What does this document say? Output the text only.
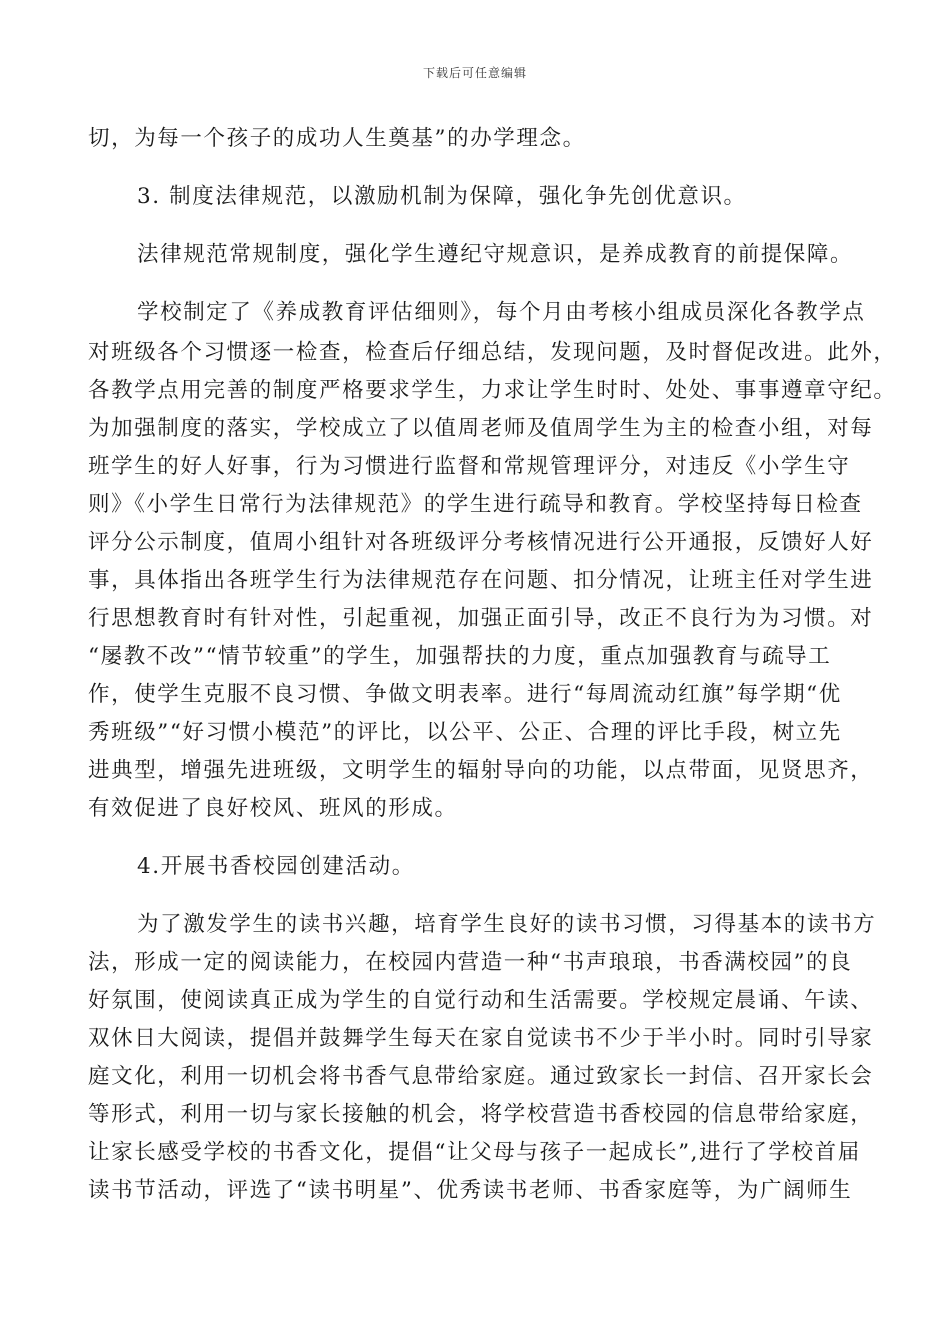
下载后可任意编辑
切，为每一个孩子的成功人生奠基”的办学理念。
3. 制度法律规范，以激励机制为保障，强化争先创优意识。
法律规范常规制度，强化学生遵纪守规意识，是养成教育的前提保障。
学校制定了《养成教育评估细则》，每个月由考核小组成员深化各教学点
对班级各个习惯逐一检查，检查后仔细总结，发现问题，及时督促改进。此外，
各教学点用完善的制度严格要求学生，力求让学生时时、处处、事事遵章守纪。
为加强制度的落实，学校成立了以值周老师及值周学生为主的检查小组，对每
班学生的好人好事，行为习惯进行监督和常规管理评分，对违反《小学生守
则》《小学生日常行为法律规范》的学生进行疏导和教育。学校坚持每日检查
评分公示制度，值周小组针对各班级评分考核情况进行公开通报，反馈好人好
事，具体指出各班学生行为法律规范存在问题、扣分情况，让班主任对学生进
行思想教育时有针对性，引起重视，加强正面引导，改正不良行为为习惯。对
“屡教不改”“情节较重”的学生，加强帮扶的力度，重点加强教育与疏导工
作，使学生克服不良习惯、争做文明表率。进行“每周流动红旗”每学期“优
秀班级”“好习惯小模范”的评比，以公平、公正、合理的评比手段，树立先
进典型，增强先进班级，文明学生的辐射导向的功能，以点带面，见贤思齐，
有效促进了良好校风、班风的形成。
4.开展书香校园创建活动。
为了激发学生的读书兴趣，培育学生良好的读书习惯，习得基本的读书方
法，形成一定的阅读能力，在校园内营造一种“书声琅琅，书香满校园”的良
好氛围，使阅读真正成为学生的自觉行动和生活需要。学校规定晨诵、午读、
双休日大阅读，提倡并鼓舞学生每天在家自觉读书不少于半小时。同时引导家
庭文化，利用一切机会将书香气息带给家庭。通过致家长一封信、召开家长会
等形式，利用一切与家长接触的机会，将学校营造书香校园的信息带给家庭，
让家长感受学校的书香文化，提倡“让父母与孩子一起成长”,进行了学校首届
读书节活动，评选了“读书明星”、优秀读书老师、书香家庭等，为广阔师生
